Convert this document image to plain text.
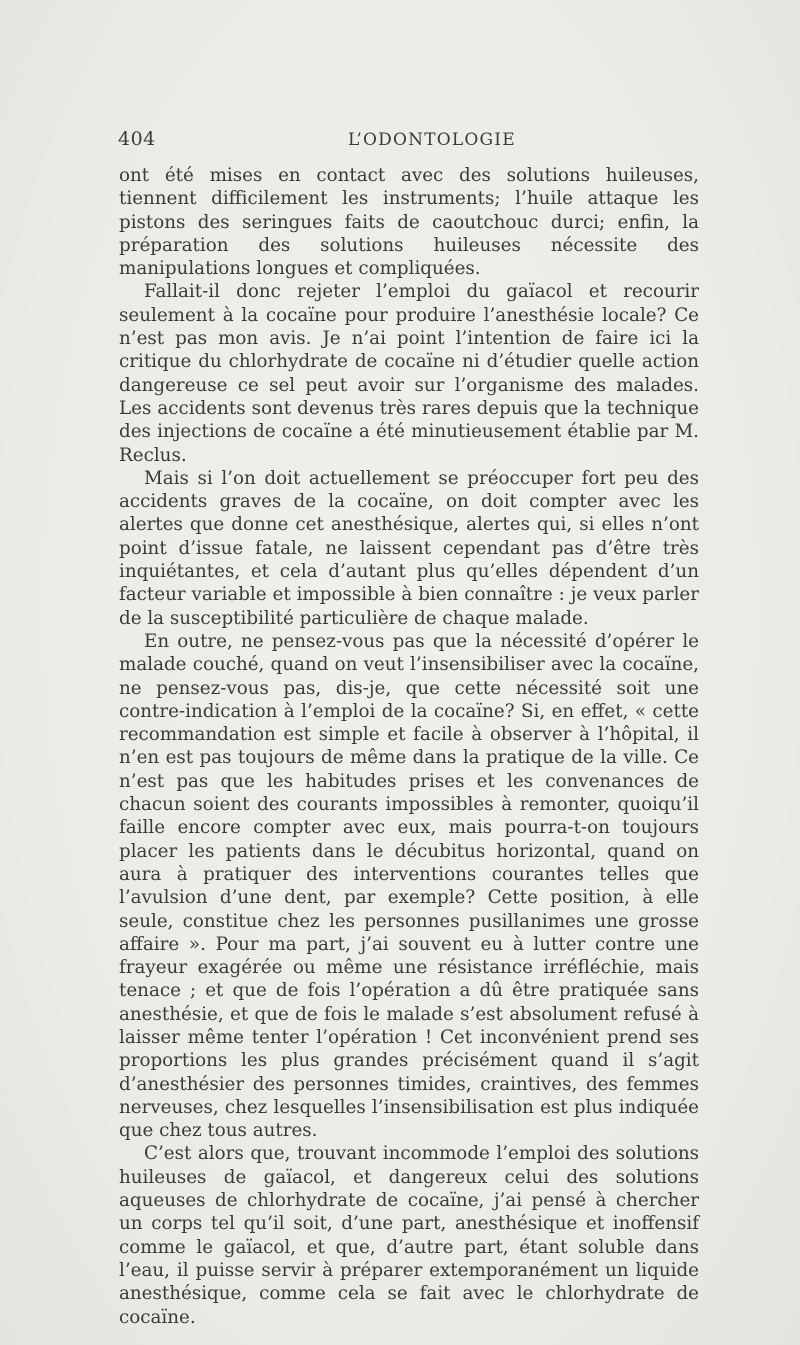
404	L’ODONTOLOGIE

ont été mises en contact avec des solutions huileuses, tiennent difficilement les instruments; l’huile attaque les pistons des seringues faits de caoutchouc durci; enfin, la préparation des solutions huileuses nécessite des manipulations longues et compliquées.

Fallait-il donc rejeter l’emploi du gaïacol et recourir seulement à la cocaïne pour produire l’anesthésie locale? Ce n’est pas mon avis. Je n’ai point l’intention de faire ici la critique du chlorhydrate de cocaïne ni d’étudier quelle action dangereuse ce sel peut avoir sur l’organisme des malades. Les accidents sont devenus très rares depuis que la technique des injections de cocaïne a été minutieusement établie par M. Reclus.

Mais si l’on doit actuellement se préoccuper fort peu des accidents graves de la cocaïne, on doit compter avec les alertes que donne cet anesthésique, alertes qui, si elles n’ont point d’issue fatale, ne laissent cependant pas d’être très inquiétantes, et cela d’autant plus qu’elles dépendent d’un facteur variable et impossible à bien connaître : je veux parler de la susceptibilité particulière de chaque malade.

En outre, ne pensez-vous pas que la nécessité d’opérer le malade couché, quand on veut l’insensibiliser avec la cocaïne, ne pensez-vous pas, dis-je, que cette nécessité soit une contre-indication à l’emploi de la cocaïne? Si, en effet, « cette recommandation est simple et facile à observer à l’hôpital, il n’en est pas toujours de même dans la pratique de la ville. Ce n’est pas que les habitudes prises et les convenances de chacun soient des courants impossibles à remonter, quoiqu’il faille encore compter avec eux, mais pourra-t-on toujours placer les patients dans le décubitus horizontal, quand on aura à pratiquer des interventions courantes telles que l’avulsion d’une dent, par exemple? Cette position, à elle seule, constitue chez les personnes pusillanimes une grosse affaire ». Pour ma part, j’ai souvent eu à lutter contre une frayeur exagérée ou même une résistance irréfléchie, mais tenace ; et que de fois l’opération a dû être pratiquée sans anesthésie, et que de fois le malade s’est absolument refusé à laisser même tenter l’opération ! Cet inconvénient prend ses proportions les plus grandes précisément quand il s’agit d’anesthésier des personnes timides, craintives, des femmes nerveuses, chez lesquelles l’insensibilisation est plus indiquée que chez tous autres.

C’est alors que, trouvant incommode l’emploi des solutions huileuses de gaïacol, et dangereux celui des solutions aqueuses de chlorhydrate de cocaïne, j’ai pensé à chercher un corps tel qu’il soit, d’une part, anesthésique et inoffensif comme le gaïacol, et que, d’autre part, étant soluble dans l’eau, il puisse servir à préparer extemporanément un liquide anesthésique, comme cela se fait avec le chlorhydrate de cocaïne.
